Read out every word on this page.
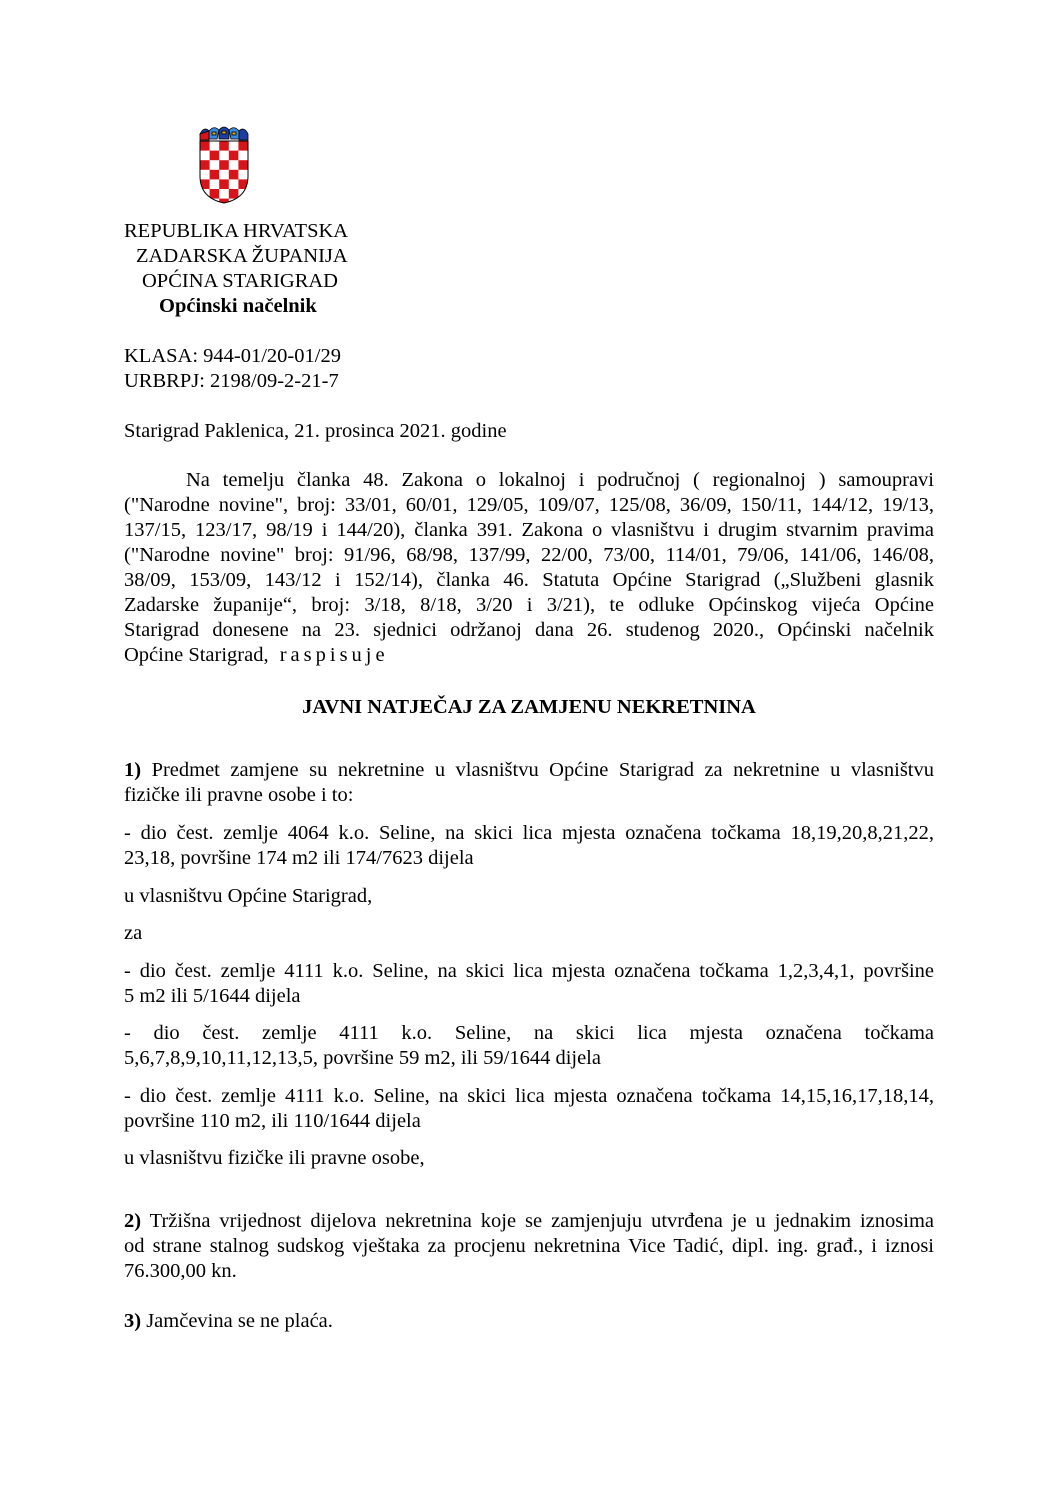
REPUBLIKA HRVATSKA
ZADARSKA ŽUPANIJA
OPĆINA STARIGRAD
Općinski načelnik
KLASA: 944-01/20-01/29
URBRPJ: 2198/09-2-21-7
Starigrad Paklenica, 21. prosinca 2021. godine
Na temelju članka 48. Zakona o lokalnoj i područnoj ( regionalnoj ) samoupravi
("Narodne novine", broj: 33/01, 60/01, 129/05, 109/07, 125/08, 36/09, 150/11, 144/12, 19/13,
137/15, 123/17, 98/19 i 144/20), članka 391. Zakona o vlasništvu i drugim stvarnim pravima
("Narodne novine" broj: 91/96, 68/98, 137/99, 22/00, 73/00, 114/01, 79/06, 141/06, 146/08,
38/09, 153/09, 143/12 i 152/14), članka 46. Statuta Općine Starigrad („Službeni glasnik
Zadarske županije“, broj: 3/18, 8/18, 3/20 i 3/21), te odluke Općinskog vijeća Općine
Starigrad donesene na 23. sjednici održanoj dana 26. studenog 2020., Općinski načelnik
Općine Starigrad, raspisuje
JAVNI NATJEČAJ ZA ZAMJENU NEKRETNINA
1) Predmet zamjene su nekretnine u vlasništvu Općine Starigrad za nekretnine u vlasništvu
fizičke ili pravne osobe i to:
- dio čest. zemlje 4064 k.o. Seline, na skici lica mjesta označena točkama 18,19,20,8,21,22,
23,18, površine 174 m2 ili 174/7623 dijela
u vlasništvu Općine Starigrad,
za
- dio čest. zemlje 4111 k.o. Seline, na skici lica mjesta označena točkama 1,2,3,4,1, površine
5 m2 ili 5/1644 dijela
- dio čest. zemlje 4111 k.o. Seline, na skici lica mjesta označena točkama
5,6,7,8,9,10,11,12,13,5, površine 59 m2, ili 59/1644 dijela
- dio čest. zemlje 4111 k.o. Seline, na skici lica mjesta označena točkama 14,15,16,17,18,14,
površine 110 m2, ili 110/1644 dijela
u vlasništvu fizičke ili pravne osobe,
2) Tržišna vrijednost dijelova nekretnina koje se zamjenjuju utvrđena je u jednakim iznosima
od strane stalnog sudskog vještaka za procjenu nekretnina Vice Tadić, dipl. ing. građ., i iznosi
76.300,00 kn.
3) Jamčevina se ne plaća.
